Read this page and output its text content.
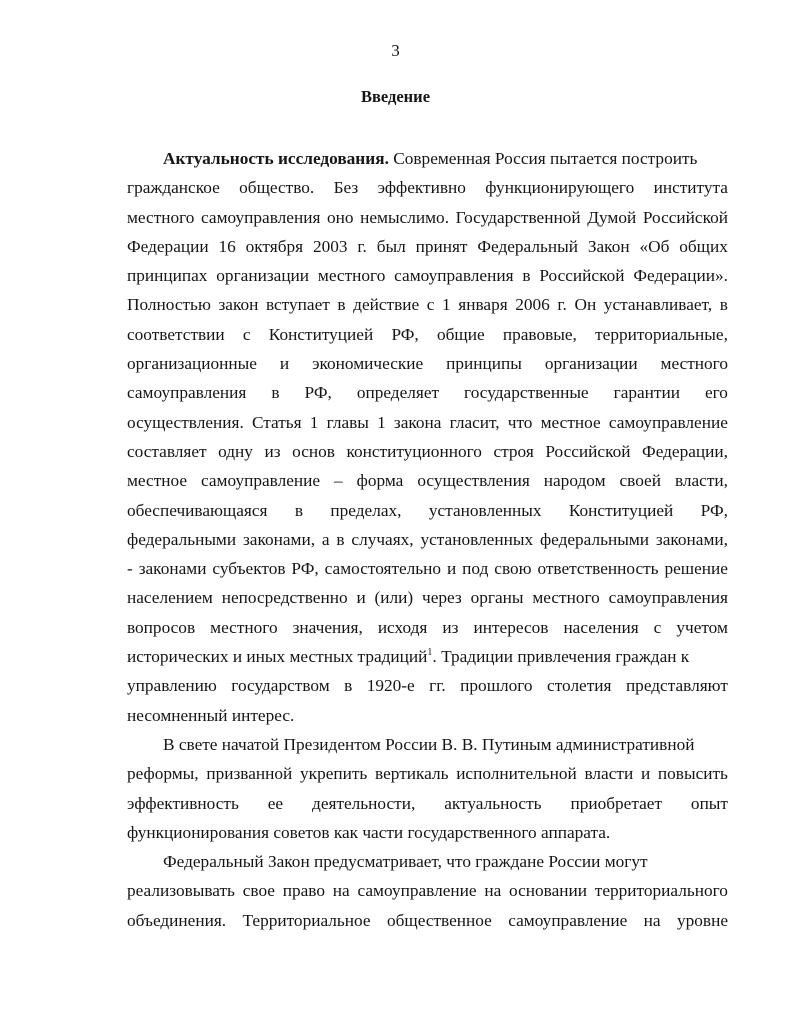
3
Введение

Актуальность исследования. Современная Россия пытается построить
гражданское общество. Без эффективно функционирующего института
местного самоуправления оно немыслимо. Государственной Думой Российской
Федерации 16 октября 2003 г. был принят Федеральный Закон «Об общих
принципах организации местного самоуправления в Российской Федерации».
Полностью закон вступает в действие с 1 января 2006 г. Он устанавливает, в
соответствии с Конституцией РФ, общие правовые, территориальные,
организационные и экономические принципы организации местного
самоуправления в РФ, определяет государственные гарантии его
осуществления. Статья 1 главы 1 закона гласит, что местное самоуправление
составляет одну из основ конституционного строя Российской Федерации,
местное самоуправление – форма осуществления народом своей власти,
обеспечивающаяся в пределах, установленных Конституцией РФ,
федеральными законами, а в случаях, установленных федеральными законами,
- законами субъектов РФ, самостоятельно и под свою ответственность решение
населением непосредственно и (или) через органы местного самоуправления
вопросов местного значения, исходя из интересов населения с учетом
исторических и иных местных традиций$^1$. Традиции привлечения граждан к
управлению государством в 1920-е гг. прошлого столетия представляют
несомненный интерес.

В свете начатой Президентом России В. В. Путиным административной
реформы, призванной укрепить вертикаль исполнительной власти и повысить
эффективность ее деятельности, актуальность приобретает опыт
функционирования советов как части государственного аппарата.

Федеральный Закон предусматривает, что граждане России могут
реализовывать свое право на самоуправление на основании территориального
объединения. Территориальное общественное самоуправление на уровне
